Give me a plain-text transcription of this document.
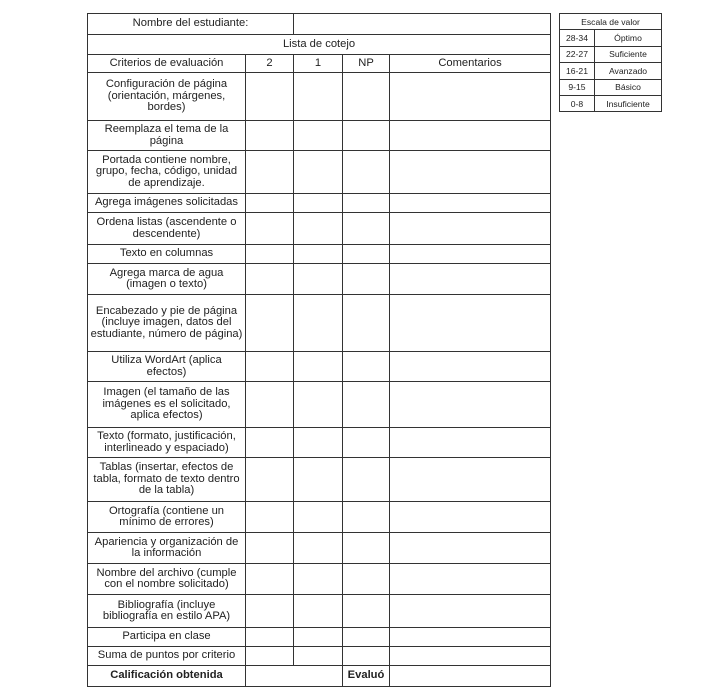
Nombre del estudiante:				
Lista de cotejo				
Criterios de evaluación	2	1	NP	Comentarios
Configuración de página (orientación, márgenes, bordes)				
Reemplaza el tema de la página				
Portada contiene nombre, grupo, fecha, código, unidad de aprendizaje.				
Agrega imágenes solicitadas				
Ordena listas (ascendente o descendente)				
Texto en columnas				
Agrega marca de agua (imagen o texto)				
Encabezado y pie de página (incluye imagen, datos del estudiante, número de página)				
Utiliza WordArt (aplica efectos)				
Imagen (el tamaño de las imágenes es el solicitado, aplica efectos)				
Texto (formato, justificación, interlineado y espaciado)				
Tablas (insertar, efectos de tabla, formato de texto dentro de la tabla)				
Ortografía (contiene un mínimo de errores)				
Apariencia y organización de la información				
Nombre del archivo (cumple con el nombre solicitado)				
Bibliografía (incluye bibliografía en estilo APA)				
Participa en clase				
Suma de puntos por criterio				
Calificación obtenida			Evaluó	
Escala de valor	
28-34	Óptimo
22-27	Suficiente
16-21	Avanzado
9-15	Básico
0-8	Insuficiente
